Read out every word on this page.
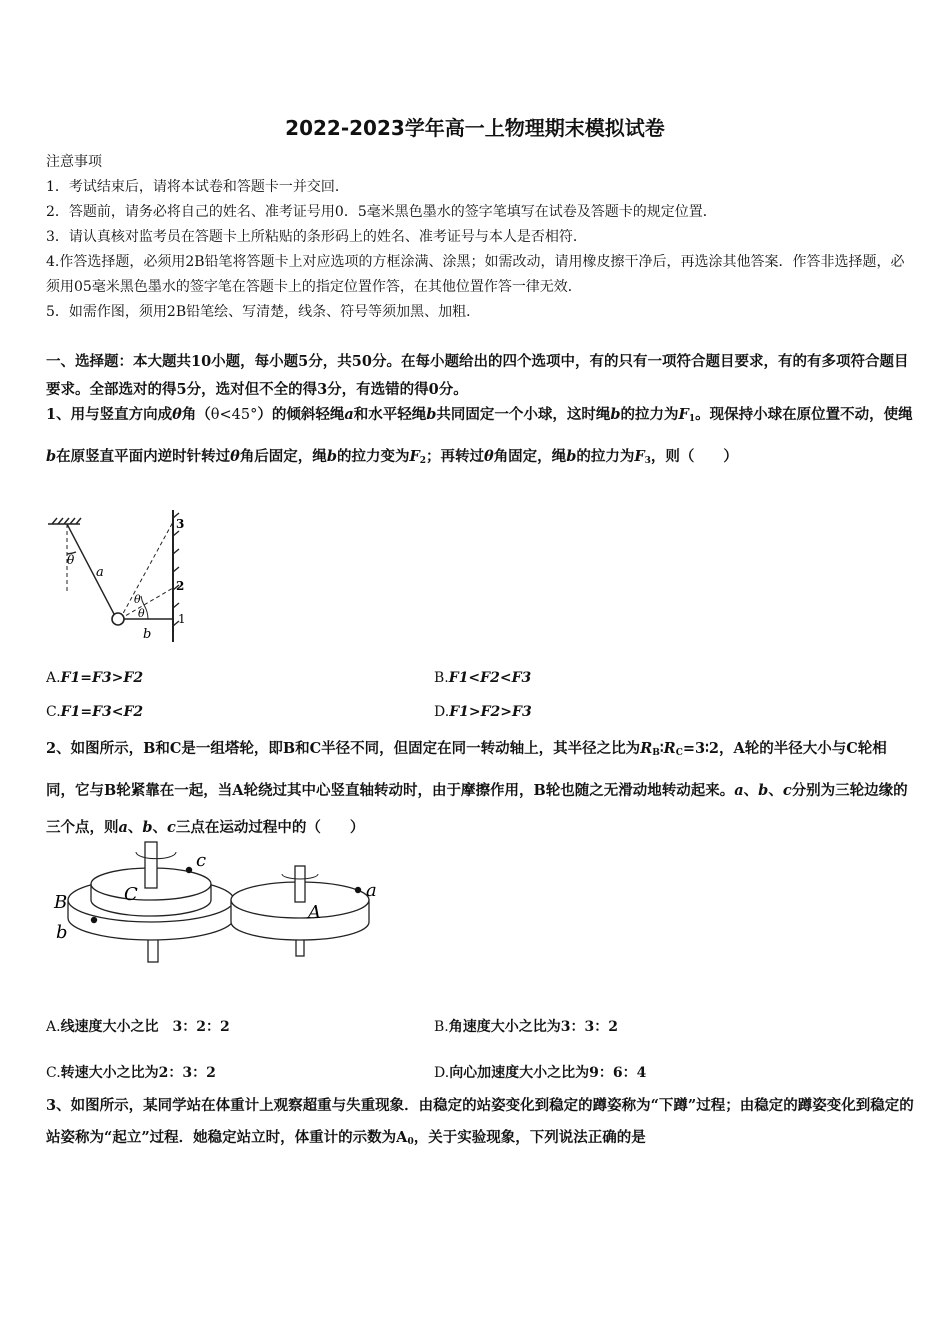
2022-2023学年高一上物理期末模拟试卷
注意事项
1．考试结束后，请将本试卷和答题卡一并交回．
2．答题前，请务必将自己的姓名、准考证号用0．5毫米黑色墨水的签字笔填写在试卷及答题卡的规定位置．
3．请认真核对监考员在答题卡上所粘贴的条形码上的姓名、准考证号与本人是否相符．
4.作答选择题，必须用2B铅笔将答题卡上对应选项的方框涂满、涂黑；如需改动，请用橡皮擦干净后，再选涂其他答案．作答非选择题，必须用05毫米黑色墨水的签字笔在答题卡上的指定位置作答，在其他位置作答一律无效．
5．如需作图，须用2B铅笔绘、写清楚，线条、符号等须加黑、加粗．
一、选择题：本大题共10小题，每小题5分，共50分。在每小题给出的四个选项中，有的只有一项符合题目要求，有的有多项符合题目要求。全部选对的得5分，选对但不全的得3分，有选错的得0分。
1、用与竖直方向成θ角（θ<45°）的倾斜轻绳a和水平轻绳b共同固定一个小球，这时绳b的拉力为$F_1$。现保持小球在原位置不动，使绳b在原竖直平面内逆时针转过θ角后固定，绳b的拉力变为$F_2$；再转过θ角固定，绳b的拉力为$F_3$，则（　　）
θ
a
b
θ
θ	1
2
3
A.F1=F3>F2	B.F1<F2<F3
C.F1=F3<F2	D.F1>F2>F3
2、如图所示，B和C是一组塔轮，即B和C半径不同，但固定在同一转动轴上，其半径之比为$R_B∶R_C=3∶2$，A轮的半径大小与C轮相同，它与B轮紧靠在一起，当A轮绕过其中心竖直轴转动时，由于摩擦作用，B轮也随之无滑动地转动起来。a、b、c分别为三轮边缘的三个点，则a、b、c三点在运动过程中的（　　）
B
b
C
c
A
a
A.线速度大小之比　3：2：2	B.角速度大小之比为3：3：2
C.转速大小之比为2：3：2	D.向心加速度大小之比为9：6：4
3、如图所示，某同学站在体重计上观察超重与失重现象．由稳定的站姿变化到稳定的蹲姿称为“下蹲”过程；由稳定的蹲姿变化到稳定的站姿称为“起立”过程．她稳定站立时，体重计的示数为$A_0$，关于实验现象，下列说法正确的是
